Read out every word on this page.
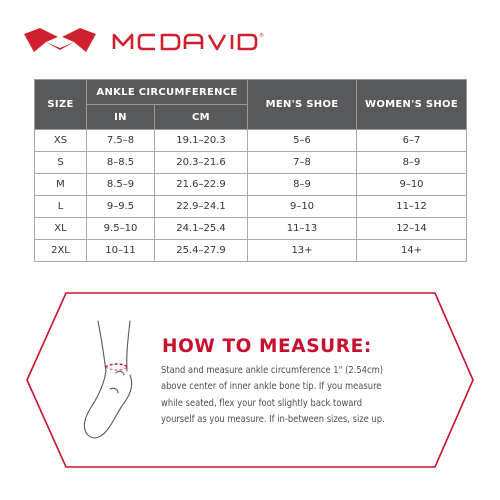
®
SIZE	ANKLE CIRCUMFERENCE		MEN'S SHOE	WOMEN'S SHOE
	IN	CM		
XS	7.5–8	19.1–20.3	5–6	6–7
S	8–8.5	20.3–21.6	7–8	8–9
M	8.5–9	21.6–22.9	8–9	9–10
L	9–9.5	22.9–24.1	9–10	11–12
XL	9.5–10	24.1–25.4	11–13	12–14
2XL	10–11	25.4–27.9	13+	14+
HOW TO MEASURE:
Stand and measure ankle circumference 1" (2.54cm)
above center of inner ankle bone tip. If you measure
while seated, flex your foot slightly back toward
yourself as you measure. If in-between sizes, size up.
